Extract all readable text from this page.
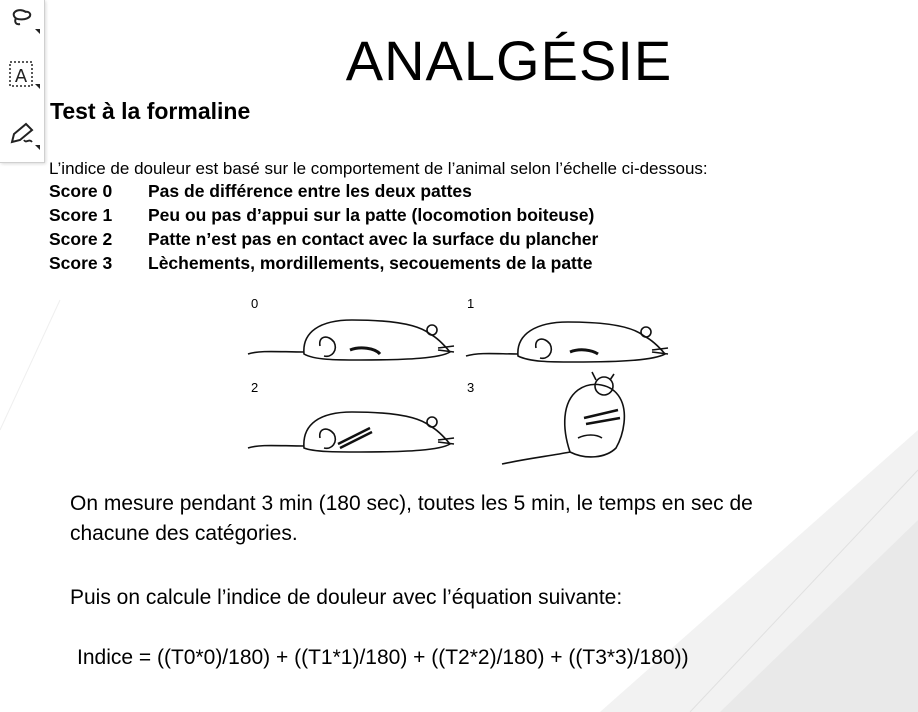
A	ANALGÉSIE
Test à la formaline
L’indice de douleur est basé sur le comportement de l’animal selon l’échelle ci-dessous:
Score 0 Pas de différence entre les deux pattes
Score 1 Peu ou pas d’appui sur la patte (locomotion boiteuse)
Score 2 Patte n’est pas en contact avec la surface du plancher
Score 3 Lèchements, mordillements, secouements de la patte
0	1
2	3
On mesure pendant 3 min (180 sec), toutes les 5 min, le temps en sec de
chacune des catégories.
Puis on calcule l’indice de douleur avec l’équation suivante:
Indice = ((T0*0)/180) + ((T1*1)/180) + ((T2*2)/180) + ((T3*3)/180))
